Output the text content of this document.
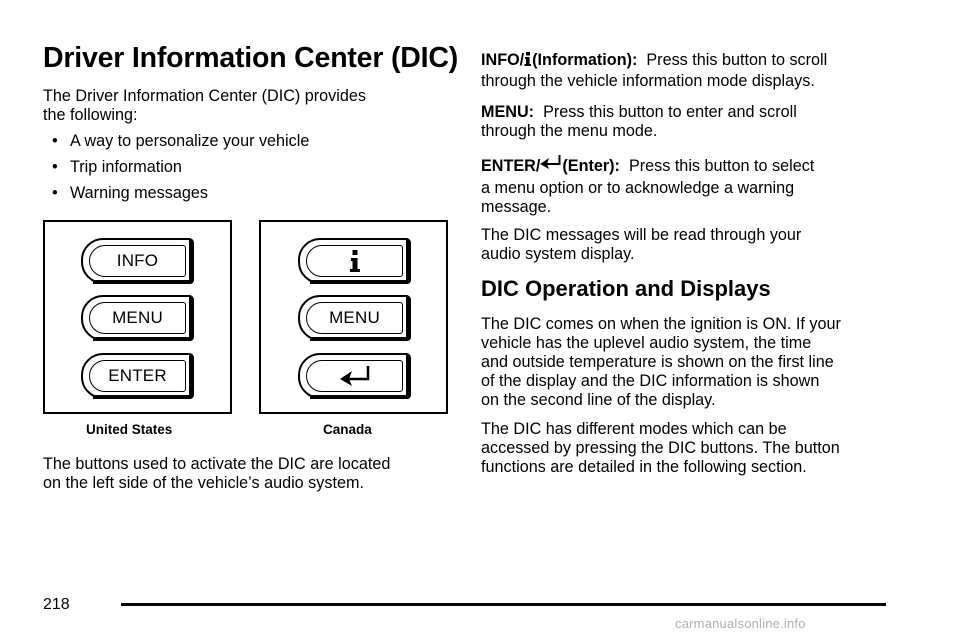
Driver Information Center (DIC)

The Driver Information Center (DIC) provides

the following:

• A way to personalize your vehicle
• Trip information
• Warning messages
INFO
MENU
ENTER
United States
MENU
Canada

The buttons used to activate the DIC are located

on the left side of the vehicle’s audio system.

INFO/ (Information): Press this button to scroll

through the vehicle information mode displays.

MENU: Press this button to enter and scroll

through the menu mode.

ENTER/ (Enter): Press this button to select

a menu option or to acknowledge a warning

message.

The DIC messages will be read through your

audio system display.

DIC Operation and Displays

The DIC comes on when the ignition is ON. If your

vehicle has the uplevel audio system, the time

and outside temperature is shown on the first line

of the display and the DIC information is shown

on the second line of the display.

The DIC has different modes which can be

accessed by pressing the DIC buttons. The button

functions are detailed in the following section.

218
carmanualsonline.info
